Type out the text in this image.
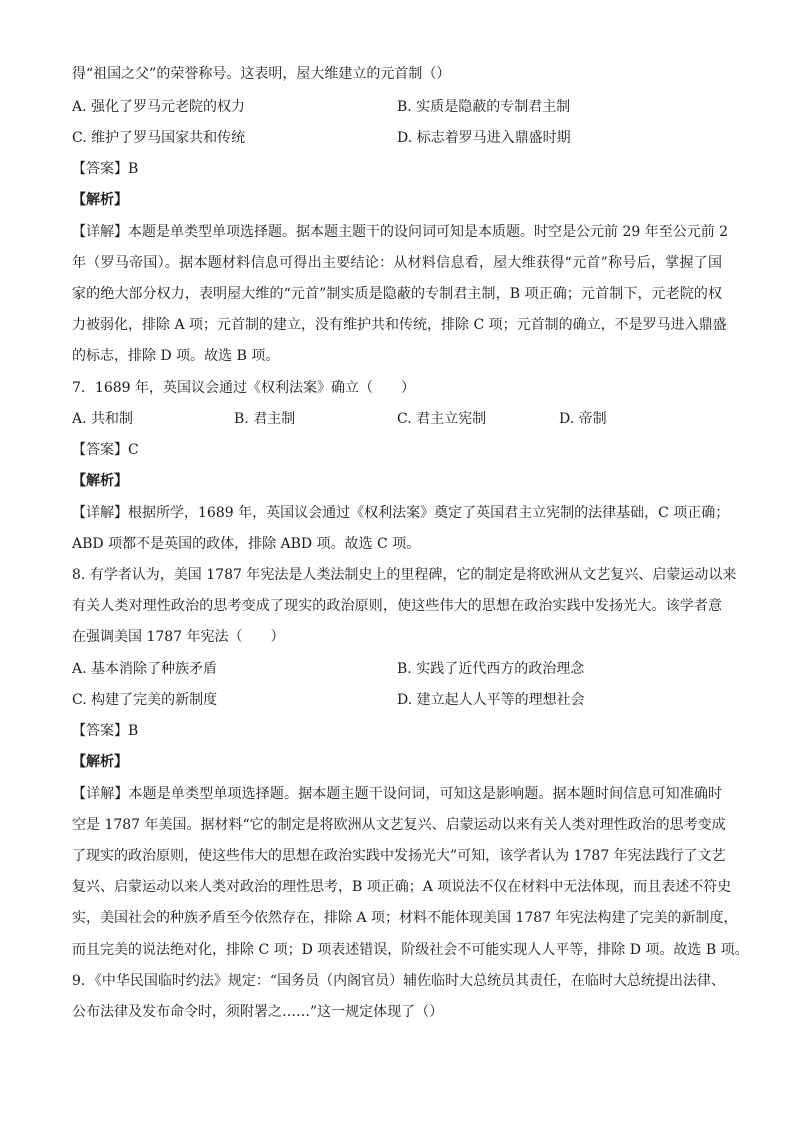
得“祖国之父”的荣誉称号。这表明，屋大维建立的元首制（）
A. 强化了罗马元老院的权力	B. 实质是隐蔽的专制君主制
C. 维护了罗马国家共和传统	D. 标志着罗马进入鼎盛时期
【答案】B
【解析】
【详解】本题是单类型单项选择题。据本题主题干的设问词可知是本质题。时空是公元前 29 年至公元前 2
年（罗马帝国）。据本题材料信息可得出主要结论：从材料信息看，屋大维获得“元首”称号后，掌握了国
家的绝大部分权力，表明屋大维的“元首”制实质是隐蔽的专制君主制，B 项正确；元首制下，元老院的权
力被弱化，排除 A 项；元首制的建立，没有维护共和传统，排除 C 项；元首制的确立，不是罗马进入鼎盛
的标志，排除 D 项。故选 B 项。
7．1689 年，英国议会通过《权利法案》确立（　　）
A. 共和制	B. 君主制	C. 君主立宪制	D. 帝制
【答案】C
【解析】
【详解】根据所学，1689 年，英国议会通过《权利法案》奠定了英国君主立宪制的法律基础，C 项正确；
ABD 项都不是英国的政体，排除 ABD 项。故选 C 项。
8. 有学者认为，美国 1787 年宪法是人类法制史上的里程碑，它的制定是将欧洲从文艺复兴、启蒙运动以来
有关人类对理性政治的思考变成了现实的政治原则，使这些伟大的思想在政治实践中发扬光大。该学者意
在强调美国 1787 年宪法（　　）
A. 基本消除了种族矛盾	B. 实践了近代西方的政治理念
C. 构建了完美的新制度	D. 建立起人人平等的理想社会
【答案】B
【解析】
【详解】本题是单类型单项选择题。据本题主题干设问词，可知这是影响题。据本题时间信息可知准确时
空是 1787 年美国。据材料“它的制定是将欧洲从文艺复兴、启蒙运动以来有关人类对理性政治的思考变成
了现实的政治原则，使这些伟大的思想在政治实践中发扬光大”可知，该学者认为 1787 年宪法践行了文艺
复兴、启蒙运动以来人类对政治的理性思考，B 项正确；A 项说法不仅在材料中无法体现，而且表述不符史
实，美国社会的种族矛盾至今依然存在，排除 A 项；材料不能体现美国 1787 年宪法构建了完美的新制度，
而且完美的说法绝对化，排除 C 项；D 项表述错误，阶级社会不可能实现人人平等，排除 D 项。故选 B 项。
9．《中华民国临时约法》规定：“国务员（内阁官员）辅佐临时大总统员其责任，在临时大总统提出法律、
公布法律及发布命令时，须附署之……”这一规定体现了（）
